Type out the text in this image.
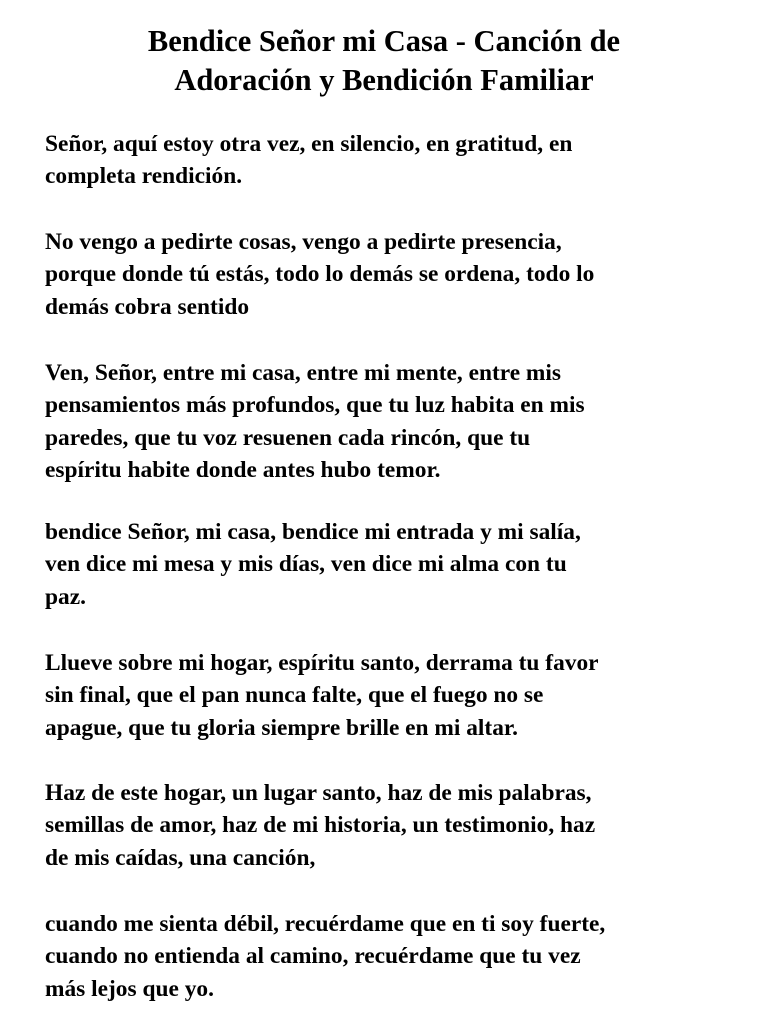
Bendice Señor mi Casa - Canción de
Adoración y Bendición Familiar

Señor, aquí estoy otra vez, en silencio, en gratitud, en
completa rendición.

No vengo a pedirte cosas, vengo a pedirte presencia,
porque donde tú estás, todo lo demás se ordena, todo lo
demás cobra sentido

Ven, Señor, entre mi casa, entre mi mente, entre mis
pensamientos más profundos, que tu luz habita en mis
paredes, que tu voz resuenen cada rincón, que tu
espíritu habite donde antes hubo temor.

bendice Señor, mi casa, bendice mi entrada y mi salía,
ven dice mi mesa y mis días, ven dice mi alma con tu
paz.

Llueve sobre mi hogar, espíritu santo, derrama tu favor
sin final, que el pan nunca falte, que el fuego no se
apague, que tu gloria siempre brille en mi altar.

Haz de este hogar, un lugar santo, haz de mis palabras,
semillas de amor, haz de mi historia, un testimonio, haz
de mis caídas, una canción,

cuando me sienta débil, recuérdame que en ti soy fuerte,
cuando no entienda al camino, recuérdame que tu vez
más lejos que yo.
